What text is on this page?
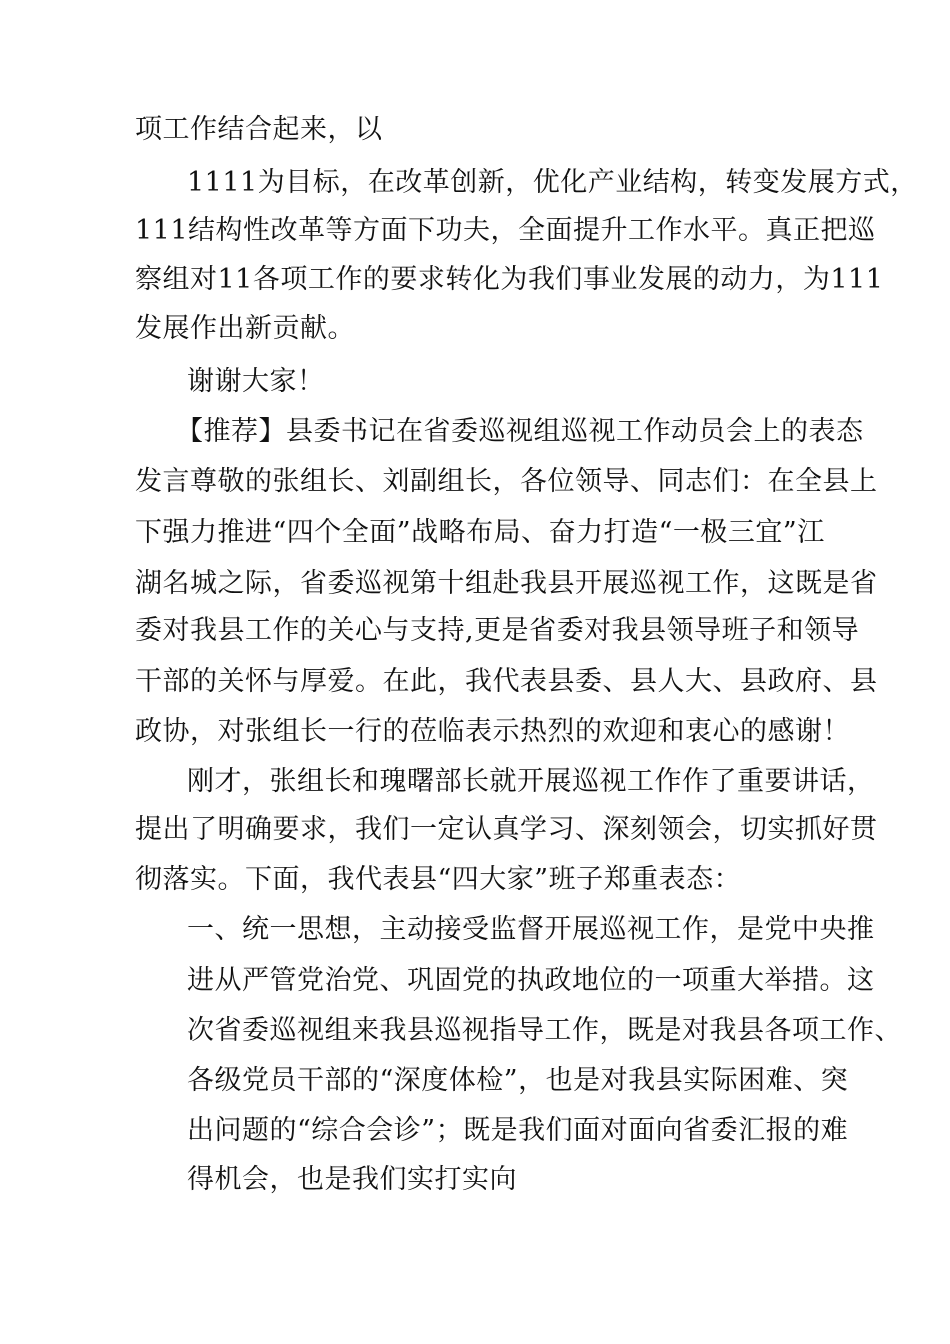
项工作结合起来，以
1111为目标，在改革创新，优化产业结构，转变发展方式，
111结构性改革等方面下功夫，全面提升工作水平。真正把巡
察组对11各项工作的要求转化为我们事业发展的动力，为111
发展作出新贡献。
谢谢大家！
【推荐】县委书记在省委巡视组巡视工作动员会上的表态
发言尊敬的张组长、刘副组长，各位领导、同志们：在全县上
下强力推进“四个全面”战略布局、奋力打造“一极三宜”江
湖名城之际，省委巡视第十组赴我县开展巡视工作，这既是省
委对我县工作的关心与支持,更是省委对我县领导班子和领导
干部的关怀与厚爱。在此，我代表县委、县人大、县政府、县
政协，对张组长一行的莅临表示热烈的欢迎和衷心的感谢！
刚才，张组长和瑰曙部长就开展巡视工作作了重要讲话，
提出了明确要求，我们一定认真学习、深刻领会，切实抓好贯
彻落实。下面，我代表县“四大家”班子郑重表态：
一、统一思想，主动接受监督开展巡视工作，是党中央推
进从严管党治党、巩固党的执政地位的一项重大举措。这
次省委巡视组来我县巡视指导工作，既是对我县各项工作、
各级党员干部的“深度体检”，也是对我县实际困难、突
出问题的“综合会诊”；既是我们面对面向省委汇报的难
得机会，也是我们实打实向
